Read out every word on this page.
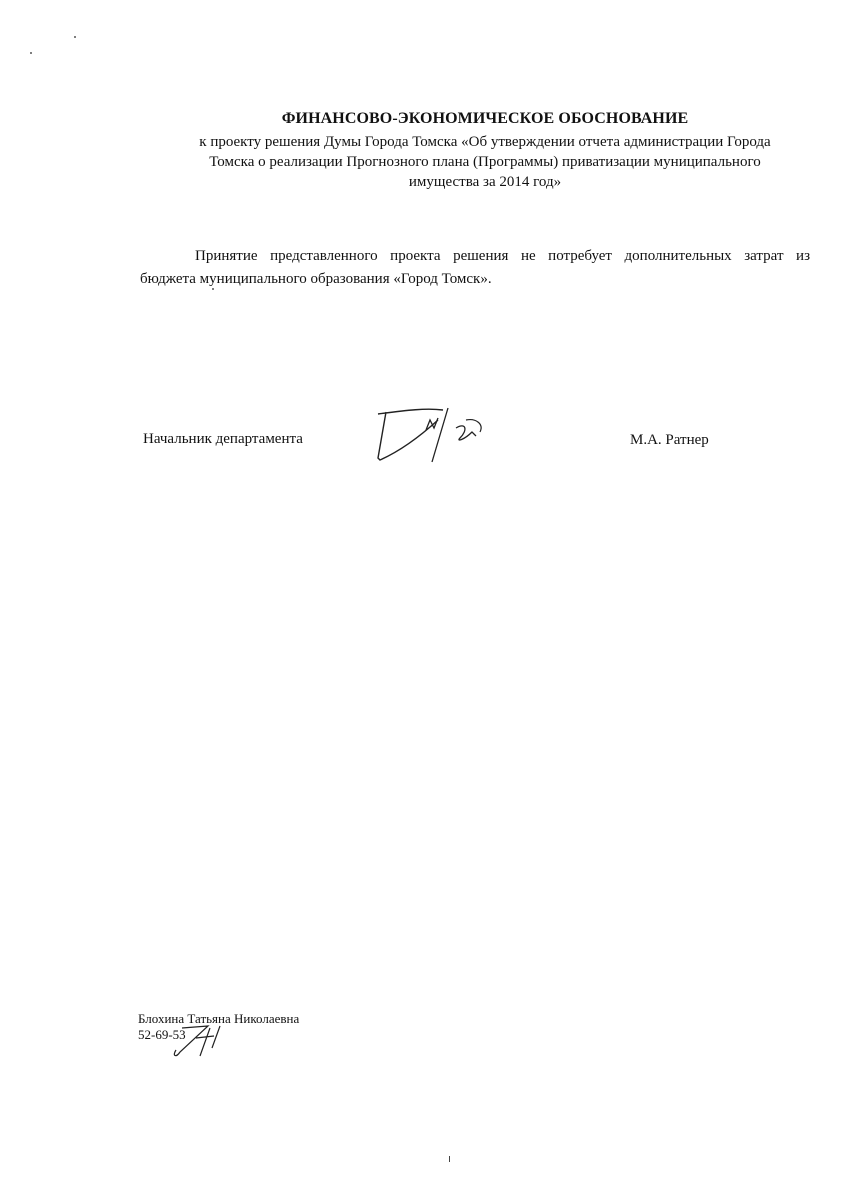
ФИНАНСОВО-ЭКОНОМИЧЕСКОЕ ОБОСНОВАНИЕ
к проекту решения Думы Города Томска «Об утверждении отчета администрации Города
Томска о реализации Прогнозного плана (Программы) приватизации муниципального
имущества за 2014 год»
Принятие представленного проекта решения не потребует дополнительных затрат из
бюджета муниципального образования «Город Томск».
Начальник департамента	М.А. Ратнер
Блохина Татьяна Николаевна
52-69-53
